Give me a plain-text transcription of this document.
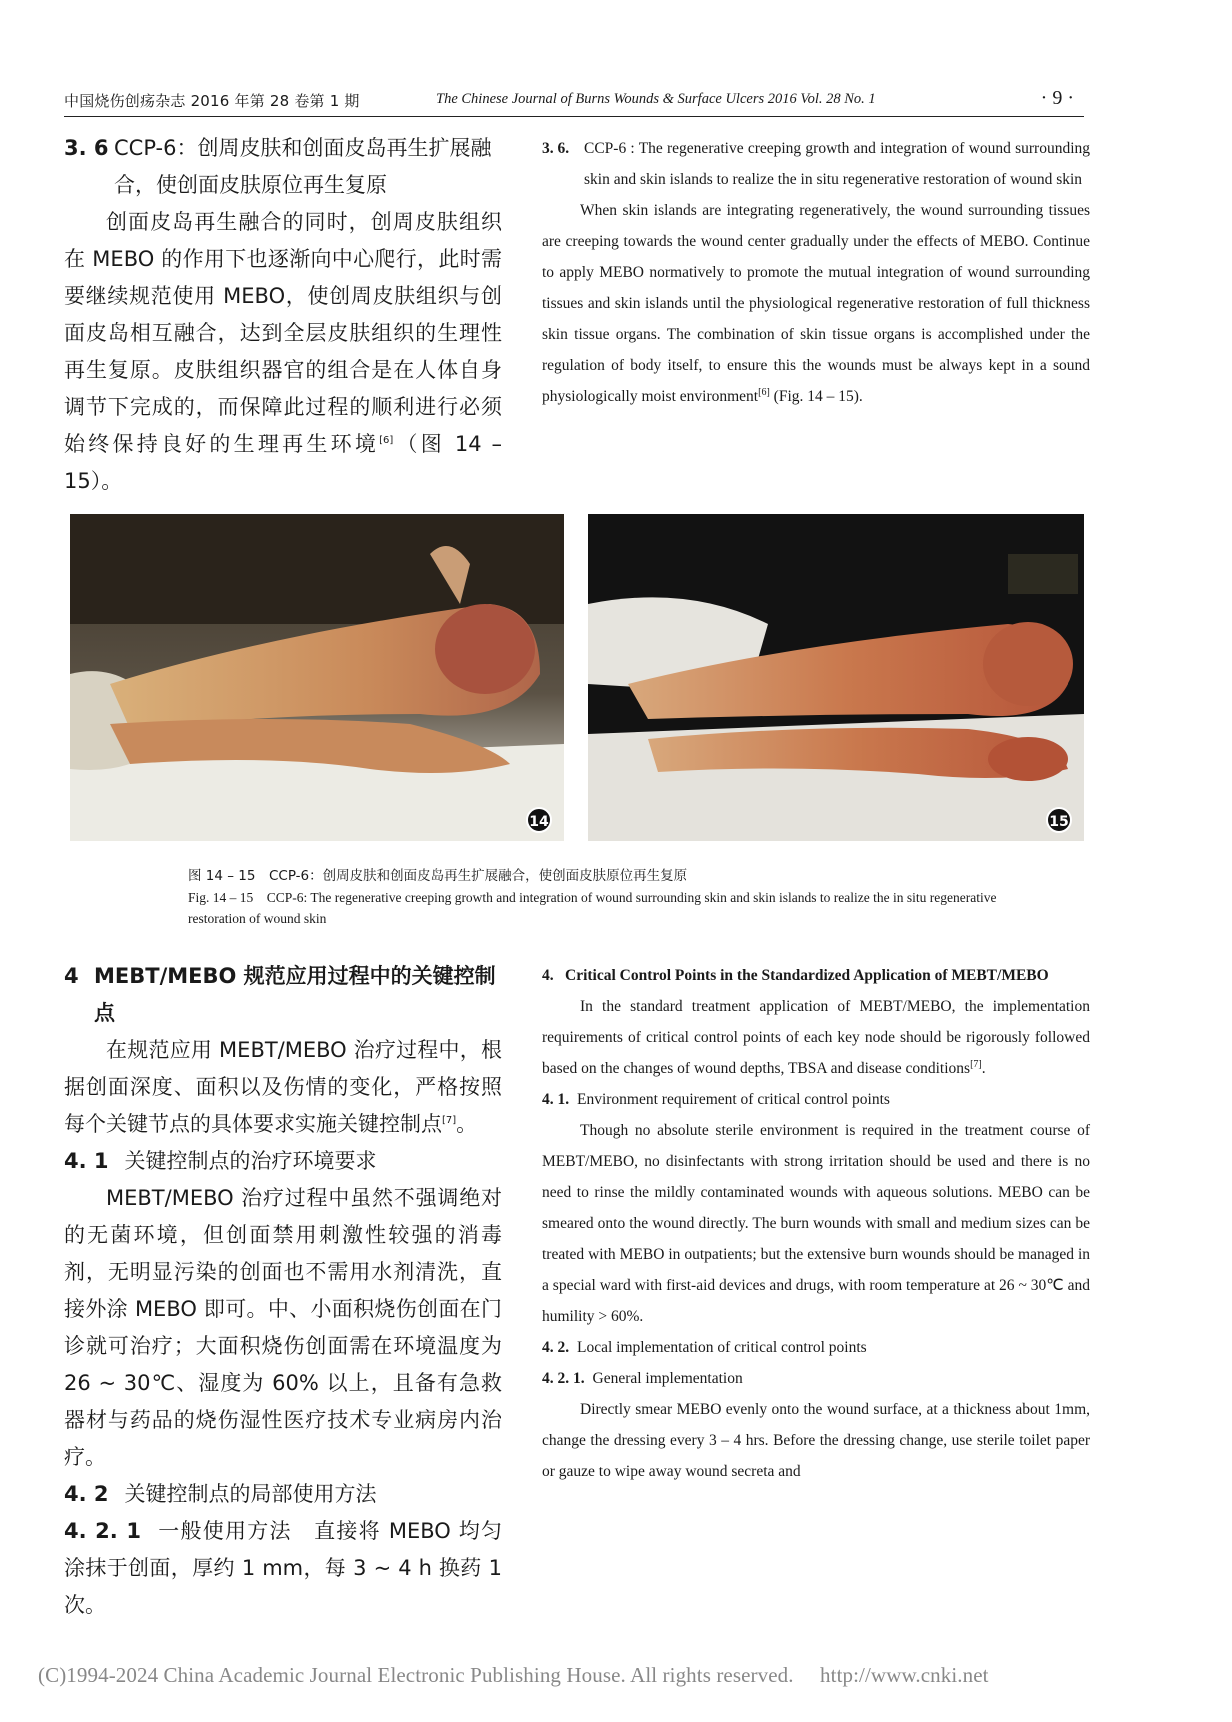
中国烧伤创疡杂志 2016 年第 28 卷第 1 期	The Chinese Journal of Burns Wounds & Surface Ulcers 2016 Vol. 28 No. 1	· 9 ·
3. 6 CCP-6：创周皮肤和创面皮岛再生扩展融合，使创面皮肤原位再生复原

创面皮岛再生融合的同时，创周皮肤组织在 MEBO 的作用下也逐渐向中心爬行，此时需要继续规范使用 MEBO，使创周皮肤组织与创面皮岛相互融合，达到全层皮肤组织的生理性再生复原。皮肤组织器官的组合是在人体自身调节下完成的，而保障此过程的顺利进行必须始终保持良好的生理再生环境[6]（图 14 – 15）。

3. 6. CCP-6 : The regenerative creeping growth and integration of wound surrounding skin and skin islands to realize the in situ regenerative restoration of wound skin

When skin islands are integrating regeneratively, the wound surrounding tissues are creeping towards the wound center gradually under the effects of MEBO. Continue to apply MEBO normatively to promote the mutual integration of wound surrounding tissues and skin islands until the physiological regenerative restoration of full thickness skin tissue organs. The combination of skin tissue organs is accomplished under the regulation of body itself, to ensure this the wounds must be always kept in a sound physiologically moist environment[6] (Fig. 14 – 15).

14	15
图 14 – 15　CCP-6：创周皮肤和创面皮岛再生扩展融合，使创面皮肤原位再生复原
Fig. 14 – 15　CCP-6: The regenerative creeping growth and integration of wound surrounding skin and skin islands to realize the in situ regenerative restoration of wound skin
4 MEBT/MEBO 规范应用过程中的关键控制点

在规范应用 MEBT/MEBO 治疗过程中，根据创面深度、面积以及伤情的变化，严格按照每个关键节点的具体要求实施关键控制点[7]。

4. 1 关键控制点的治疗环境要求

MEBT/MEBO 治疗过程中虽然不强调绝对的无菌环境，但创面禁用刺激性较强的消毒剂，无明显污染的创面也不需用水剂清洗，直接外涂 MEBO 即可。中、小面积烧伤创面在门诊就可治疗；大面积烧伤创面需在环境温度为 26 ~ 30℃、湿度为 60% 以上，且备有急救器材与药品的烧伤湿性医疗技术专业病房内治疗。

4. 2 关键控制点的局部使用方法
4. 2. 1 一般使用方法　直接将 MEBO 均匀涂抹于创面，厚约 1 mm，每 3 ~ 4 h 换药 1 次。
4. Critical Control Points in the Standardized Application of MEBT/MEBO

In the standard treatment application of MEBT/MEBO, the implementation requirements of critical control points of each key node should be rigorously followed based on the changes of wound depths, TBSA and disease conditions[7].

4. 1. Environment requirement of critical control points

Though no absolute sterile environment is required in the treatment course of MEBT/MEBO, no disinfectants with strong irritation should be used and there is no need to rinse the mildly contaminated wounds with aqueous solutions. MEBO can be smeared onto the wound directly. The burn wounds with small and medium sizes can be treated with MEBO in outpatients; but the extensive burn wounds should be managed in a special ward with first-aid devices and drugs, with room temperature at 26 ~ 30℃ and humility > 60%.

4. 2. Local implementation of critical control points
4. 2. 1. General implementation

Directly smear MEBO evenly onto the wound surface, at a thickness about 1mm, change the dressing every 3 – 4 hrs. Before the dressing change, use sterile toilet paper or gauze to wipe away wound secreta and

(C)1994-2024 China Academic Journal Electronic Publishing House. All rights reserved.　 http://www.cnki.net
